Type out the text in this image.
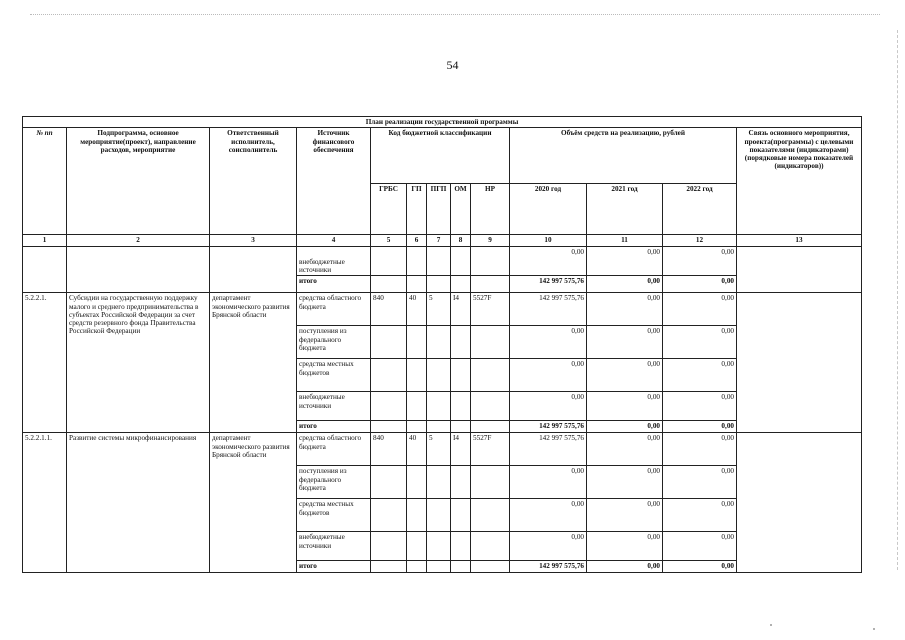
54
План реализации государственной программы												
№ пп	Подпрограмма, основное мероприятие(проект), направление расходов, мероприятие	Ответственный исполнитель, соисполнитель	Источник финансового обеспечения	Код бюджетной классификации					Объём средств на реализацию, рублей			Связь основного мероприятия, проекта(программы) с целевыми показателями (индикаторами) (порядковые номера показателей (индикаторов))
				ГРБС	ГП	ПГП	ОМ	НР	2020 год	2021 год	2022 год	
1	2	3	4	5	6	7	8	9	10	11	12	13
			внебюджетные источники						0,00	0,00	0,00	
			итого						142 997 575,76	0,00	0,00	
5.2.2.1.	Субсидии на государственную поддержку малого и среднего предпринимательства в субъектах Российской Федерации за счет средств резервного фонда Правительства Российской Федерации	департамент экономического развития Брянской области	средства областного бюджета	840	40	5	I4	5527F	142 997 575,76	0,00	0,00	
			поступления из федерального бюджета						0,00	0,00	0,00	
			средства местных бюджетов						0,00	0,00	0,00	
			внебюджетные источники						0,00	0,00	0,00	
			итого						142 997 575,76	0,00	0,00	
5.2.2.1.1.	Развитие системы микрофинансирования	департамент экономического развития Брянской области	средства областного бюджета	840	40	5	I4	5527F	142 997 575,76	0,00	0,00	
			поступления из федерального бюджета						0,00	0,00	0,00	
			средства местных бюджетов						0,00	0,00	0,00	
			внебюджетные источники						0,00	0,00	0,00	
			итого						142 997 575,76	0,00	0,00	
